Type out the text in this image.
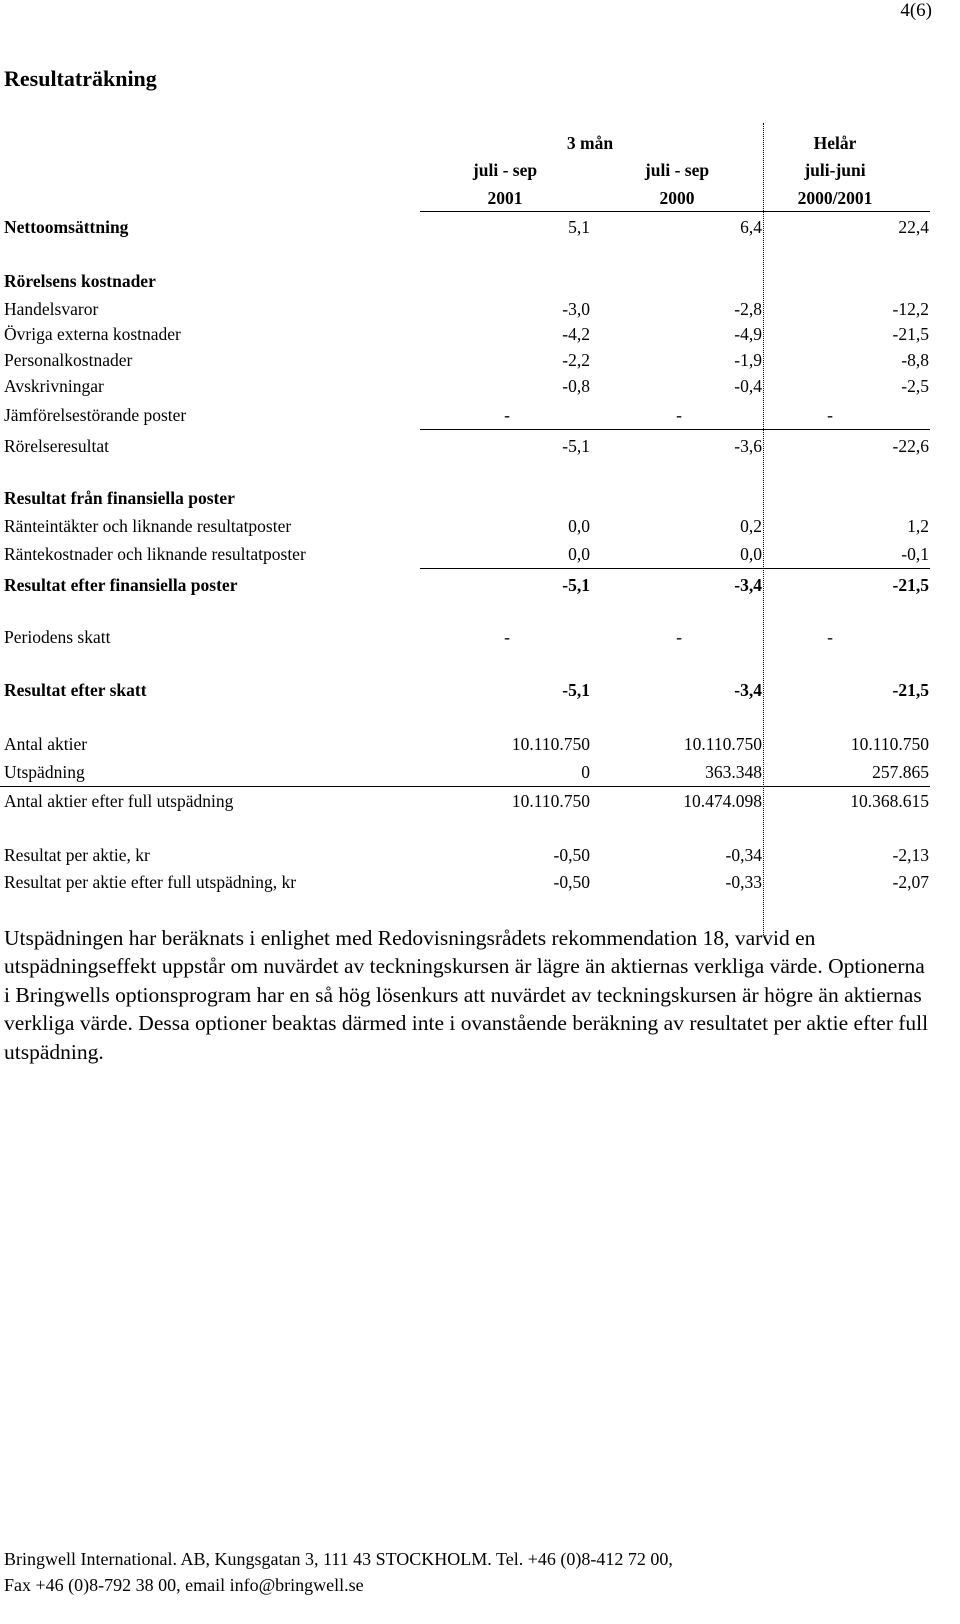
4(6)
Resultaträkning
3 mån	Helår
juli - sep	juli - sep	juli-juni
2001	2000	2000/2001
Nettoomsättning	5,1	6,4	22,4
Rörelsens kostnader
Handelsvaror	-3,0	-2,8	-12,2
Övriga externa kostnader	-4,2	-4,9	-21,5
Personalkostnader	-2,2	-1,9	-8,8
Avskrivningar	-0,8	-0,4	-2,5
Jämförelsestörande poster	-	-	-
Rörelseresultat	-5,1	-3,6	-22,6
Resultat från finansiella poster
Ränteintäkter och liknande resultatposter	0,0	0,2	1,2
Räntekostnader och liknande resultatposter	0,0	0,0	-0,1
Resultat efter finansiella poster	-5,1	-3,4	-21,5
Periodens skatt	-	-	-
Resultat efter skatt	-5,1	-3,4	-21,5
Antal aktier	10.110.750	10.110.750	10.110.750
Utspädning	0	363.348	257.865
Antal aktier efter full utspädning	10.110.750	10.474.098	10.368.615
Resultat per aktie, kr	-0,50	-0,34	-2,13
Resultat per aktie efter full utspädning, kr	-0,50	-0,33	-2,07
Utspädningen har beräknats i enlighet med Redovisningsrådets rekommendation 18, varvid en utspädningseffekt uppstår om nuvärdet av teckningskursen är lägre än aktiernas verkliga värde. Optionerna i Bringwells optionsprogram har en så hög lösenkurs att nuvärdet av teckningskursen är högre än aktiernas verkliga värde. Dessa optioner beaktas därmed inte i ovanstående beräkning av resultatet per aktie efter full utspädning.
Bringwell International. AB, Kungsgatan 3, 111 43 STOCKHOLM. Tel. +46 (0)8-412 72 00,
Fax +46 (0)8-792 38 00, email info@bringwell.se
